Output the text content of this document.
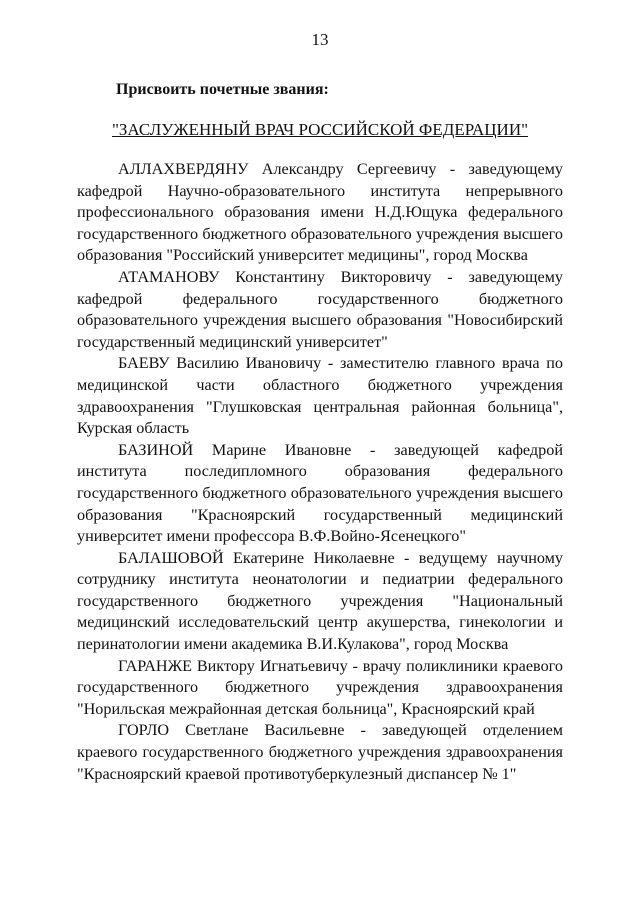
13
Присвоить почетные звания:
"ЗАСЛУЖЕННЫЙ ВРАЧ РОССИЙСКОЙ ФЕДЕРАЦИИ"

АЛЛАХВЕРДЯНУ Александру Сергеевичу - заведующему кафедрой Научно-образовательного института непрерывного профессионального образования имени Н.Д.Ющука федерального государственного бюджетного образовательного учреждения высшего образования "Российский университет медицины", город Москва

АТАМАНОВУ Константину Викторовичу - заведующему кафедрой федерального государственного бюджетного образовательного учреждения высшего образования "Новосибирский государственный медицинский университет"

БАЕВУ Василию Ивановичу - заместителю главного врача по медицинской части областного бюджетного учреждения здравоохранения "Глушковская центральная районная больница", Курская область

БАЗИНОЙ Марине Ивановне - заведующей кафедрой института последипломного образования федерального государственного бюджетного образовательного учреждения высшего образования "Красноярский государственный медицинский университет имени профессора В.Ф.Войно-Ясенецкого"

БАЛАШОВОЙ Екатерине Николаевне - ведущему научному сотруднику института неонатологии и педиатрии федерального государственного бюджетного учреждения "Национальный медицинский исследовательский центр акушерства, гинекологии и перинатологии имени академика В.И.Кулакова", город Москва

ГАРАНЖЕ Виктору Игнатьевичу - врачу поликлиники краевого государственного бюджетного учреждения здравоохранения "Норильская межрайонная детская больница", Красноярский край

ГОРЛО Светлане Васильевне - заведующей отделением краевого государственного бюджетного учреждения здравоохранения "Красноярский краевой противотуберкулезный диспансер № 1"
